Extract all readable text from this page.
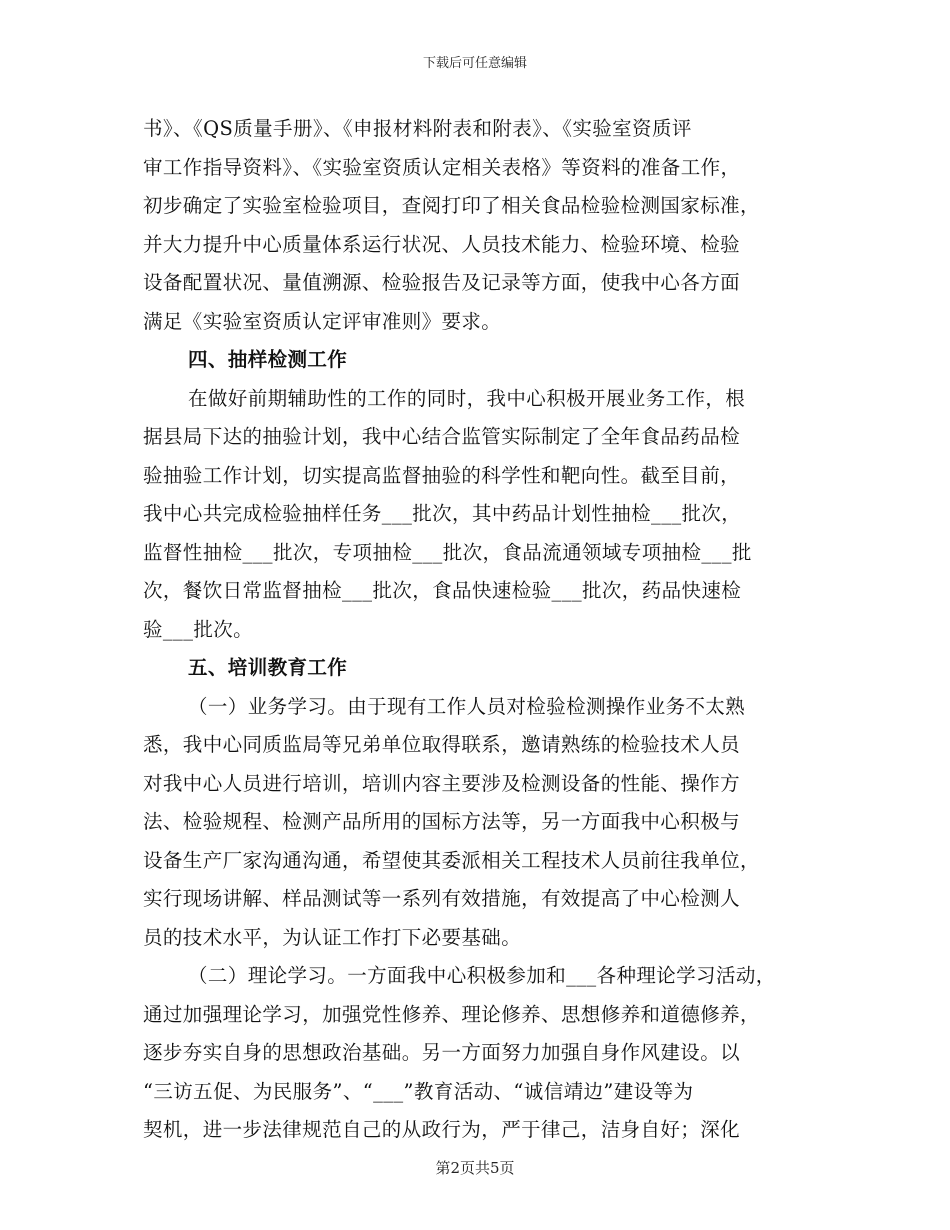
下载后可任意编辑
书》、《QS质量手册》、《申报材料附表和附表》、《实验室资质评
审工作指导资料》、《实验室资质认定相关表格》等资料的准备工作，
初步确定了实验室检验项目，查阅打印了相关食品检验检测国家标准，
并大力提升中心质量体系运行状况、人员技术能力、检验环境、检验
设备配置状况、量值溯源、检验报告及记录等方面，使我中心各方面
满足《实验室资质认定评审准则》要求。
四、抽样检测工作
在做好前期辅助性的工作的同时，我中心积极开展业务工作，根
据县局下达的抽验计划，我中心结合监管实际制定了全年食品药品检
验抽验工作计划，切实提高监督抽验的科学性和靶向性。截至目前，
我中心共完成检验抽样任务___批次，其中药品计划性抽检___批次，
监督性抽检___批次，专项抽检___批次，食品流通领域专项抽检___批
次，餐饮日常监督抽检___批次，食品快速检验___批次，药品快速检
验___批次。
五、培训教育工作
（一）业务学习。由于现有工作人员对检验检测操作业务不太熟
悉，我中心同质监局等兄弟单位取得联系，邀请熟练的检验技术人员
对我中心人员进行培训，培训内容主要涉及检测设备的性能、操作方
法、检验规程、检测产品所用的国标方法等，另一方面我中心积极与
设备生产厂家沟通沟通，希望使其委派相关工程技术人员前往我单位，
实行现场讲解、样品测试等一系列有效措施，有效提高了中心检测人
员的技术水平，为认证工作打下必要基础。
（二）理论学习。一方面我中心积极参加和___各种理论学习活动，
通过加强理论学习，加强党性修养、理论修养、思想修养和道德修养，
逐步夯实自身的思想政治基础。另一方面努力加强自身作风建设。以
“三访五促、为民服务”、“___”教育活动、“诚信靖边”建设等为
契机，进一步法律规范自己的从政行为，严于律己，洁身自好；深化
第2页共5页
